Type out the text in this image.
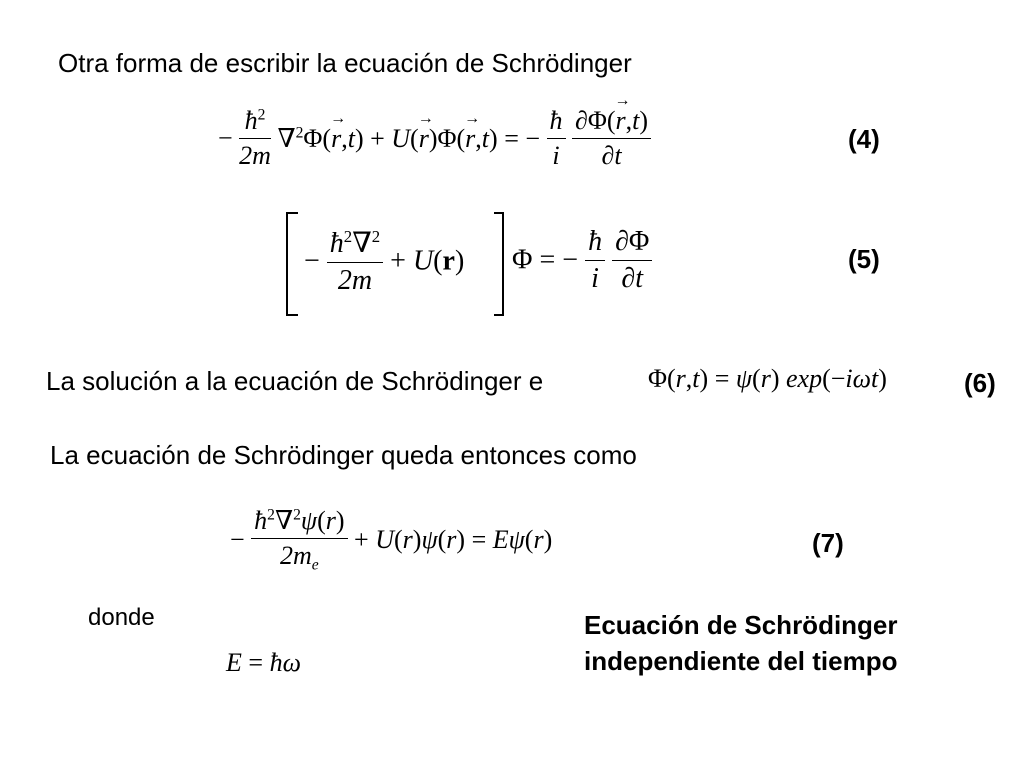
Otra forma de escribir la ecuación de Schrödinger
− $\frac{ħ^2}{2m} \nabla^2\Phi(\to r,t) + U(\to r)\Phi(\to r,t)$ = − $\frac{ħ}{i}$
$\frac{\partial\Phi(\to r,t)}{\partial t}$	(4)
− $\frac{ħ^2\nabla^2}{2m} + U(r) \Phi$ = − $\frac{ħ}{i}$
$\frac{\partial\Phi}{\partial t}$	(5)
La solución a la ecuación de Schrödinger e	Φ(r,t) = ψ(r) exp(−iωt)	(6)
La ecuación de Schrödinger queda entonces como
− $\frac{ħ^2\nabla^2\psi(r)}{2m_e} + U(r)\psi(r) = E\psi(r)$	(7)
donde
E = ħω
Ecuación de Schrödinger
independiente del tiempo
